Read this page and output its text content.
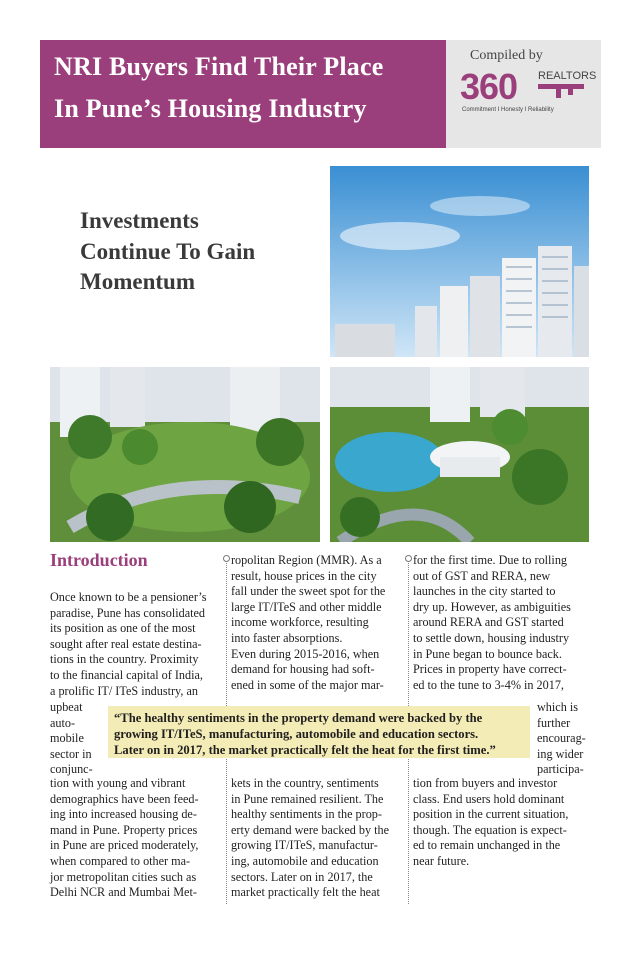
NRI Buyers Find Their Place
In Pune’s Housing Industry
Compiled by
360 REALTORS
Commitment I Honesty I Reliability
Investments
Continue To Gain
Momentum
Introduction
Once known to be a pensioner’s
paradise, Pune has consolidated
its position as one of the most
sought after real estate destina-
tions in the country. Proximity
to the financial capital of India,
a prolific IT/ ITeS industry, an
upbeat
auto-
mobile
sector in
conjunc-
tion with young and vibrant
demographics have been feed-
ing into increased housing de-
mand in Pune. Property prices
in Pune are priced moderately,
when compared to other ma-
jor metropolitan cities such as
Delhi NCR and Mumbai Met-
ropolitan Region (MMR). As a
result, house prices in the city
fall under the sweet spot for the
large IT/ITeS and other middle
income workforce, resulting
into faster absorptions.
Even during 2015-2016, when
demand for housing had soft-
ened in some of the major mar-
kets in the country, sentiments
in Pune remained resilient. The
healthy sentiments in the prop-
erty demand were backed by the
growing IT/ITeS, manufactur-
ing, automobile and education
sectors. Later on in 2017, the
market practically felt the heat
for the first time. Due to rolling
out of GST and RERA, new
launches in the city started to
dry up. However, as ambiguities
around RERA and GST started
to settle down, housing industry
in Pune began to bounce back.
Prices in property have correct-
ed to the tune to 3-4% in 2017,
which is
further
encourag-
ing wider
participa-
tion from buyers and investor
class. End users hold dominant
position in the current situation,
though. The equation is expect-
ed to remain unchanged in the
near future.
“The healthy sentiments in the property demand were backed by the
growing IT/ITeS, manufacturing, automobile and education sectors.
Later on in 2017, the market practically felt the heat for the first time.”
